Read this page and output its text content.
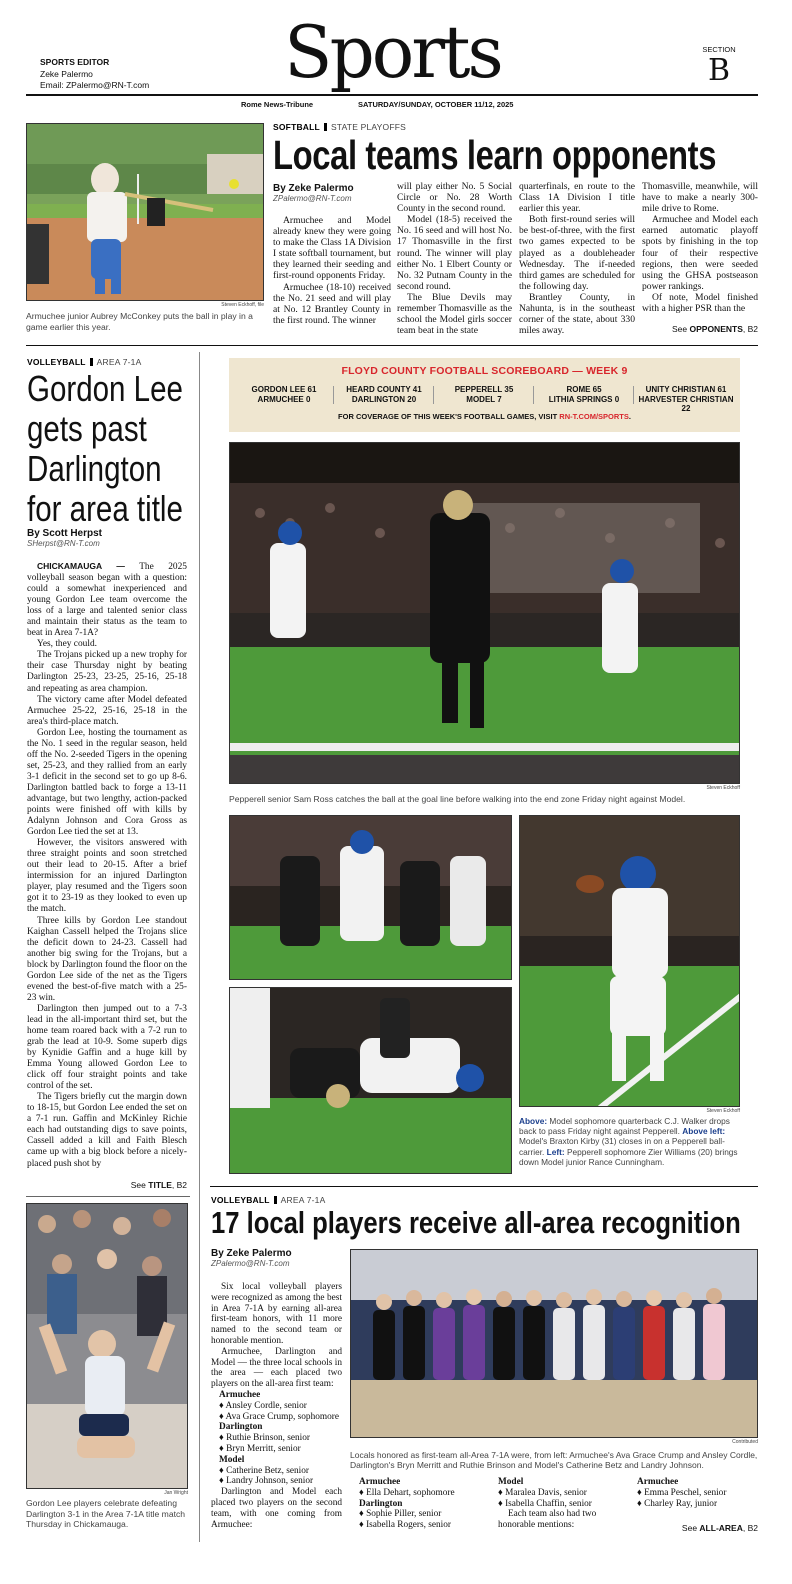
SPORTS EDITOR
Zeke Palermo
Email: ZPalermo@RN-T.com	Sports	SECTION
B
Rome News-Tribune	SATURDAY/SUNDAY, OCTOBER 11/12, 2025
Steven Eckhoff, file
Armuchee junior Aubrey McConkey puts the ball in play in a game earlier this year.
SOFTBALL STATE PLAYOFFS
Local teams learn opponents
By Zeke Palermo
ZPalermo@RN-T.com

Armuchee and Model already knew they were going to make the Class 1A Division I state softball tournament, but they learned their seeding and first-round opponents Friday.

Armuchee (18-10) received the No. 21 seed and will play at No. 12 Brantley County in the first round. The winner

will play either No. 5 Social Circle or No. 28 Worth County in the second round.

Model (18-5) received the No. 16 seed and will host No. 17 Thomasville in the first round. The winner will play either No. 1 Elbert County or No. 32 Putnam County in the second round.

The Blue Devils may remember Thomasville as the school the Model girls soccer team beat in the state

quarterfinals, en route to the Class 1A Division I title earlier this year.

Both first-round series will be best-of-three, with the first two games expected to be played as a doubleheader Wednesday. The if-needed third games are scheduled for the following day.

Brantley County, in Nahunta, is in the southeast corner of the state, about 330 miles away.

Thomasville, meanwhile, will have to make a nearly 300-mile drive to Rome.

Armuchee and Model each earned automatic playoff spots by finishing in the top four of their respective regions, then were seeded using the GHSA postseason power rankings.

Of note, Model finished with a higher PSR than the

See OPPONENTS, B2
VOLLEYBALL AREA 7-1A
Gordon Lee
gets past
Darlington
for area title
By Scott Herpst
SHerpst@RN-T.com

CHICKAMAUGA — The 2025 volleyball season began with a question: could a somewhat inexperienced and young Gordon Lee team overcome the loss of a large and talented senior class and maintain their status as the team to beat in Area 7-1A?

Yes, they could.

The Trojans picked up a new trophy for their case Thursday night by beating Darlington 25-23, 23-25, 25-16, 25-18 and repeating as area champion.

The victory came after Model defeated Armuchee 25-22, 25-16, 25-18 in the area's third-place match.

Gordon Lee, hosting the tournament as the No. 1 seed in the regular season, held off the No. 2-seeded Tigers in the opening set, 25-23, and they rallied from an early 3-1 deficit in the second set to go up 8-6. Darlington battled back to forge a 13-11 advantage, but two lengthy, action-packed points were finished off with kills by Adalynn Johnson and Cora Gross as Gordon Lee tied the set at 13.

However, the visitors answered with three straight points and soon stretched out their lead to 20-15. After a brief intermission for an injured Darlington player, play resumed and the Tigers soon got it to 23-19 as they looked to even up the match.

Three kills by Gordon Lee standout Kaighan Cassell helped the Trojans slice the deficit down to 24-23. Cassell had another big swing for the Trojans, but a block by Darlington found the floor on the Gordon Lee side of the net as the Tigers evened the best-of-five match with a 25-23 win.

Darlington then jumped out to a 7-3 lead in the all-important third set, but the home team roared back with a 7-2 run to grab the lead at 10-9. Some superb digs by Kynidie Gaffin and a huge kill by Emma Young allowed Gordon Lee to click off four straight points and take control of the set.

The Tigers briefly cut the margin down to 18-15, but Gordon Lee ended the set on a 7-1 run. Gaffin and McKinley Richie each had outstanding digs to save points, Cassell added a kill and Faith Blesch came up with a big block before a nicely-placed push shot by

See TITLE, B2
Jan Wright
Gordon Lee players celebrate defeating Darlington 3-1 in the Area 7-1A title match Thursday in Chickamauga.
FLOYD COUNTY FOOTBALL SCOREBOARD — WEEK 9
GORDON LEE 61
ARMUCHEE 0
HEARD COUNTY 41
DARLINGTON 20
PEPPERELL 35
MODEL 7
ROME 65
LITHIA SPRINGS 0
UNITY CHRISTIAN 61
HARVESTER CHRISTIAN 22
FOR COVERAGE OF THIS WEEK'S FOOTBALL GAMES, VISIT RN-T.COM/SPORTS.
Steven Eckhoff
Pepperell senior Sam Ross catches the ball at the goal line before walking into the end zone Friday night against Model.
Steven Eckhoff
Above: Model sophomore quarterback C.J. Walker drops back to pass Friday night against Pepperell. Above left: Model's Braxton Kirby (31) closes in on a Pepperell ball-carrier. Left: Pepperell sophomore Zier Williams (20) brings down Model junior Rance Cunningham.
VOLLEYBALL AREA 7-1A
17 local players receive all-area recognition
By Zeke Palermo
ZPalermo@RN-T.com

Six local volleyball players were recognized as among the best in Area 7-1A by earning all-area first-team honors, with 11 more named to the second team or honorable mention.

Armuchee, Darlington and Model — the three local schools in the area — each placed two players on the all-area first team:

Armuchee
♦ Ansley Cordle, senior
♦ Ava Grace Crump, sophomore
Darlington
♦ Ruthie Brinson, senior
♦ Bryn Merritt, senior
Model
♦ Catherine Betz, senior
♦ Landry Johnson, senior

Darlington and Model each placed two players on the second team, with one coming from Armuchee:

Contributed
Locals honored as first-team all-Area 7-1A were, from left: Armuchee's Ava Grace Crump and Ansley Cordle, Darlington's Bryn Merritt and Ruthie Brinson and Model's Catherine Betz and Landry Johnson.
Armuchee
♦ Ella Dehart, sophomore
Darlington
♦ Sophie Piller, senior
♦ Isabella Rogers, senior
Model
♦ Maralea Davis, senior
♦ Isabella Chaffin, senior

Each team also had two honorable mentions:

Armuchee
♦ Emma Peschel, senior
♦ Charley Ray, junior
See ALL-AREA, B2
